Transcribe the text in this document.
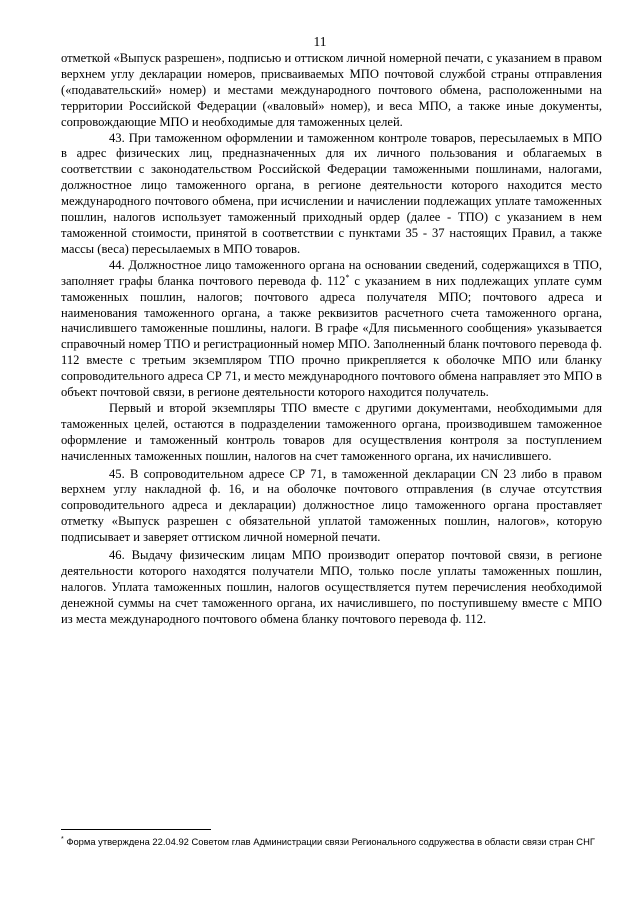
11

отметкой «Выпуск разрешен», подписью и оттиском личной номерной печати, с указанием в правом верхнем углу декларации номеров, присваиваемых МПО почтовой службой страны отправления («подавательский» номер) и местами международного почтового обмена, расположенными на территории Российской Федерации («валовый» номер), и веса МПО, а также иные документы, сопровождающие МПО и необходимые для таможенных целей.

43. При таможенном оформлении и таможенном контроле товаров, пересылаемых в МПО в адрес физических лиц, предназначенных для их личного пользования и облагаемых в соответствии с законодательством Российской Федерации таможенными пошлинами, налогами, должностное лицо таможенного органа, в регионе деятельности которого находится место международного почтового обмена, при исчислении и начислении подлежащих уплате таможенных пошлин, налогов использует таможенный приходный ордер (далее - ТПО) с указанием в нем таможенной стоимости, принятой в соответствии с пунктами 35 - 37 настоящих Правил, а также массы (веса) пересылаемых в МПО товаров.

44. Должностное лицо таможенного органа на основании сведений, содержащихся в ТПО, заполняет графы бланка почтового перевода ф. 112* с указанием в них подлежащих уплате сумм таможенных пошлин, налогов; почтового адреса получателя МПО; почтового адреса и наименования таможенного органа, а также реквизитов расчетного счета таможенного органа, начислившего таможенные пошлины, налоги. В графе «Для письменного сообщения» указывается справочный номер ТПО и регистрационный номер МПО. Заполненный бланк почтового перевода ф. 112 вместе с третьим экземпляром ТПО прочно прикрепляется к оболочке МПО или бланку сопроводительного адреса СР 71, и место международного почтового обмена направляет это МПО в объект почтовой связи, в регионе деятельности которого находится получатель.

Первый и второй экземпляры ТПО вместе с другими документами, необходимыми для таможенных целей, остаются в подразделении таможенного органа, производившем таможенное оформление и таможенный контроль товаров для осуществления контроля за поступлением начисленных таможенных пошлин, налогов на счет таможенного органа, их начислившего.

45. В сопроводительном адресе СР 71, в таможенной декларации CN 23 либо в правом верхнем углу накладной ф. 16, и на оболочке почтового отправления (в случае отсутствия сопроводительного адреса и декларации) должностное лицо таможенного органа проставляет отметку «Выпуск разрешен с обязательной уплатой таможенных пошлин, налогов», которую подписывает и заверяет оттиском личной номерной печати.

46. Выдачу физическим лицам МПО производит оператор почтовой связи, в регионе деятельности которого находятся получатели МПО, только после уплаты таможенных пошлин, налогов. Уплата таможенных пошлин, налогов осуществляется путем перечисления необходимой денежной суммы на счет таможенного органа, их начислившего, по поступившему вместе с МПО из места международного почтового обмена бланку почтового перевода ф. 112.

* Форма утверждена 22.04.92 Советом глав Администрации связи Регионального содружества в области связи стран СНГ
